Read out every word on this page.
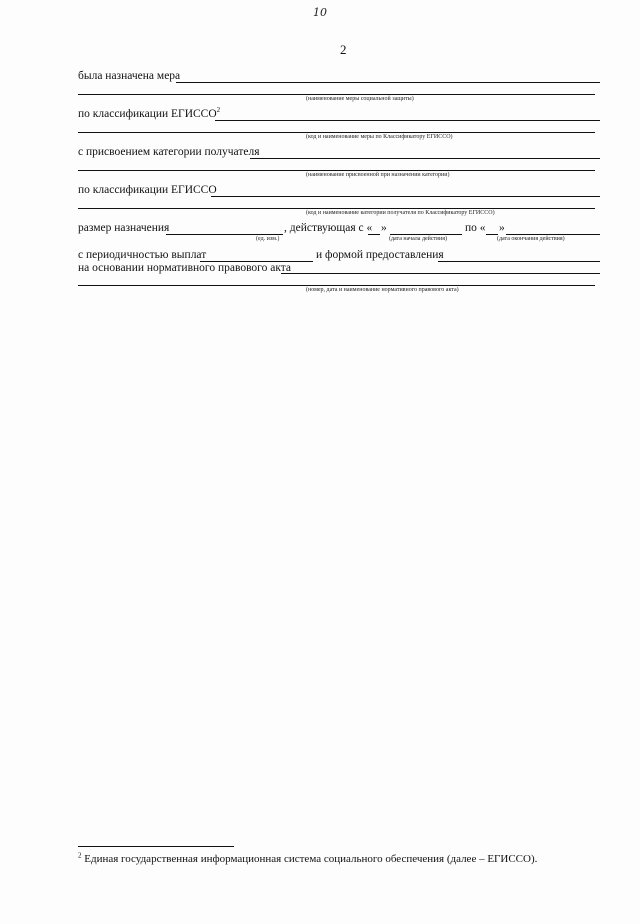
10
2
была назначена мера
(наименование меры социальной защиты)
по классификации ЕГИССО$^2$
(код и наименование меры по Классификатору ЕГИССО)
с присвоением категории получателя
(наименование присвоенной при назначении категории)
по классификации ЕГИССО
(код и наименование категории получателя по Классификатору ЕГИССО)
размер назначения
(ед. изм.)
, действующая с « »
(дата начала действия)
по « »
(дата окончания действия)
с периодичностью выплат	и формой предоставления
на основании нормативного правового акта
(номер, дата и наименование нормативного правового акта)
$^2$ Единая государственная информационная система социального обеспечения (далее – ЕГИССО).
